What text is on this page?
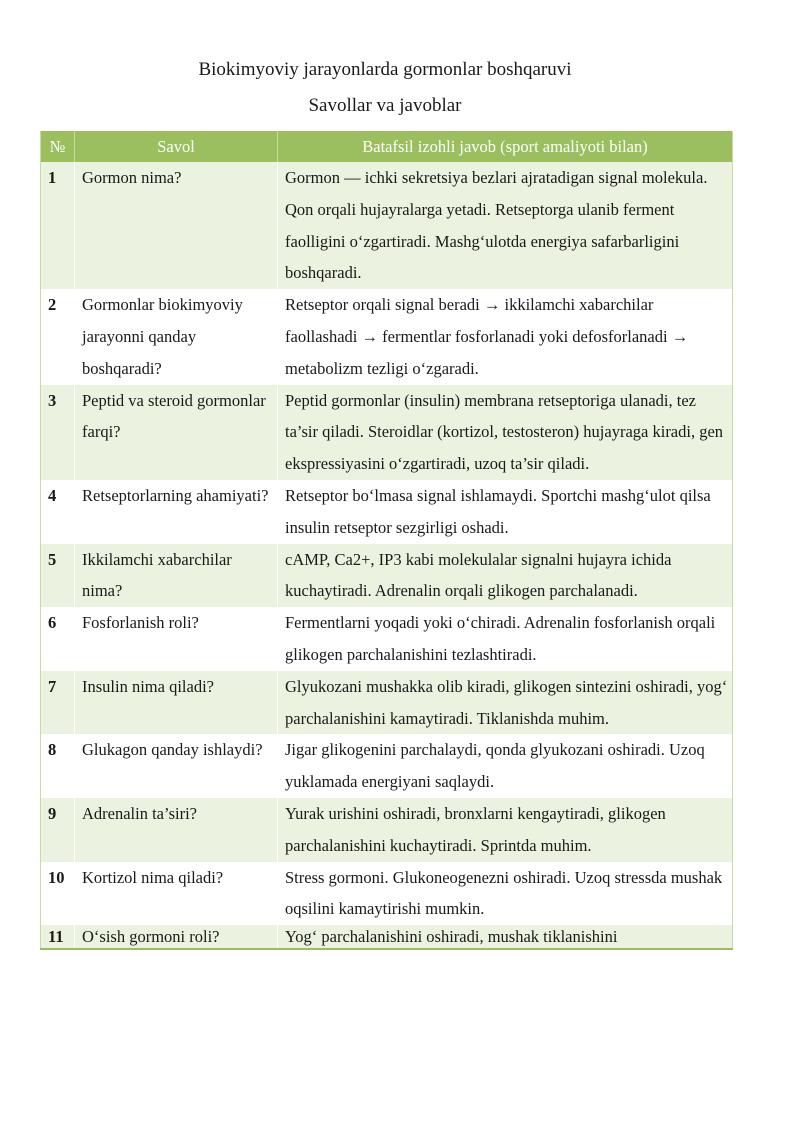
Biokimyoviy jarayonlarda gormonlar boshqaruvi
Savollar va javoblar
№	Savol	Batafsil izohli javob (sport amaliyoti bilan)
1	Gormon nima?	Gormon — ichki sekretsiya bezlari ajratadigan signal molekula. Qon orqali hujayralarga yetadi. Retseptorga ulanib ferment faolligini o‘zgartiradi. Mashg‘ulotda energiya safarbarligini boshqaradi.
2	Gormonlar biokimyoviy jarayonni qanday boshqaradi?	Retseptor orqali signal beradi → ikkilamchi xabarchilar faollashadi → fermentlar fosforlanadi yoki defosforlanadi → metabolizm tezligi o‘zgaradi.
3	Peptid va steroid gormonlar farqi?	Peptid gormonlar (insulin) membrana retseptoriga ulanadi, tez ta’sir qiladi. Steroidlar (kortizol, testosteron) hujayraga kiradi, gen ekspressiyasini o‘zgartiradi, uzoq ta’sir qiladi.
4	Retseptorlarning ahamiyati?	Retseptor bo‘lmasa signal ishlamaydi. Sportchi mashg‘ulot qilsa insulin retseptor sezgirligi oshadi.
5	Ikkilamchi xabarchilar nima?	cAMP, Ca2+, IP3 kabi molekulalar signalni hujayra ichida kuchaytiradi. Adrenalin orqali glikogen parchalanadi.
6	Fosforlanish roli?	Fermentlarni yoqadi yoki o‘chiradi. Adrenalin fosforlanish orqali glikogen parchalanishini tezlashtiradi.
7	Insulin nima qiladi?	Glyukozani mushakka olib kiradi, glikogen sintezini oshiradi, yog‘ parchalanishini kamaytiradi. Tiklanishda muhim.
8	Glukagon qanday ishlaydi?	Jigar glikogenini parchalaydi, qonda glyukozani oshiradi. Uzoq yuklamada energiyani saqlaydi.
9	Adrenalin ta’siri?	Yurak urishini oshiradi, bronxlarni kengaytiradi, glikogen parchalanishini kuchaytiradi. Sprintda muhim.
10	Kortizol nima qiladi?	Stress gormoni. Glukoneogenezni oshiradi. Uzoq stressda mushak oqsilini kamaytirishi mumkin.
11	O‘sish gormoni roli?	Yog‘ parchalanishini oshiradi, mushak tiklanishini
